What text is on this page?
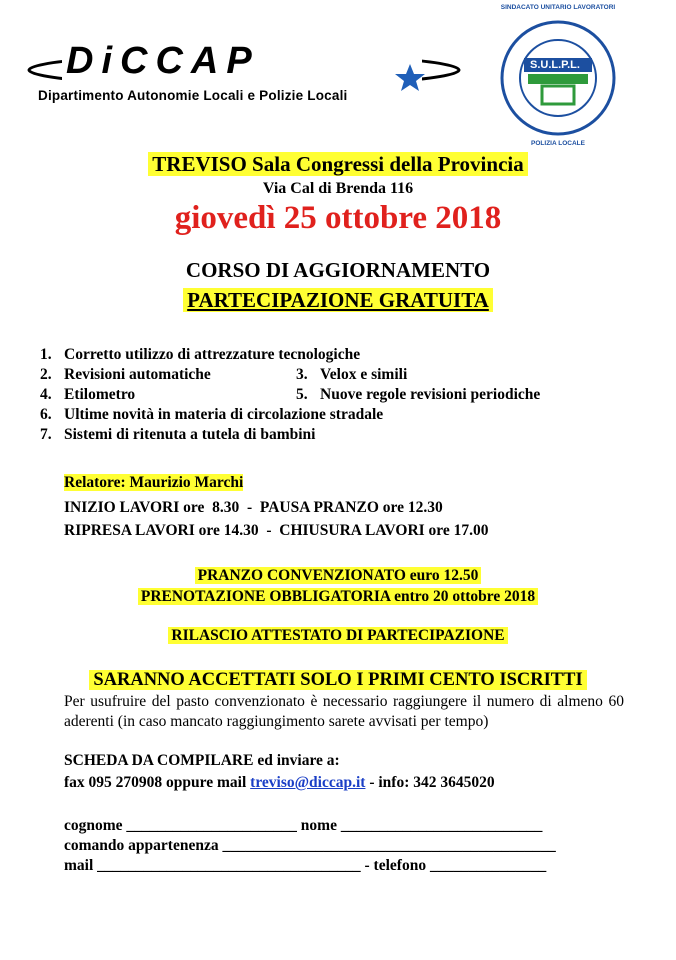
DiCCAP
Dipartimento Autonomie Locali e Polizie Locali
S.U.L.P.L.
SINDACATO UNITARIO LAVORATORI
POLIZIA LOCALE
TREVISO Sala Congressi della Provincia
Via Cal di Brenda 116
giovedì 25 ottobre 2018
CORSO DI AGGIORNAMENTO
PARTECIPAZIONE GRATUITA
1. Corretto utilizzo di attrezzature tecnologiche
2. Revisioni automatiche	3. Velox e simili
4. Etilometro	5. Nuove regole revisioni periodiche
6. Ultime novità in materia di circolazione stradale
7. Sistemi di ritenuta a tutela di bambini
Relatore: Maurizio Marchi
INIZIO LAVORI ore  8.30  -  PAUSA PRANZO ore 12.30
RIPRESA LAVORI ore 14.30  -  CHIUSURA LAVORI ore 17.00
PRANZO CONVENZIONATO euro 12.50
PRENOTAZIONE OBBLIGATORIA entro 20 ottobre 2018
RILASCIO ATTESTATO DI PARTECIPAZIONE
SARANNO ACCETTATI SOLO I PRIMI CENTO ISCRITTI
Per usufruire del pasto convenzionato è necessario raggiungere il numero di almeno 60 aderenti (in caso mancato raggiungimento sarete avvisati per tempo)
SCHEDA DA COMPILARE ed inviare a:
fax 095 270908 oppure mail treviso@diccap.it - info: 342 3645020
cognome ______________________ nome __________________________
comando appartenenza ___________________________________________
mail __________________________________ - telefono _______________
